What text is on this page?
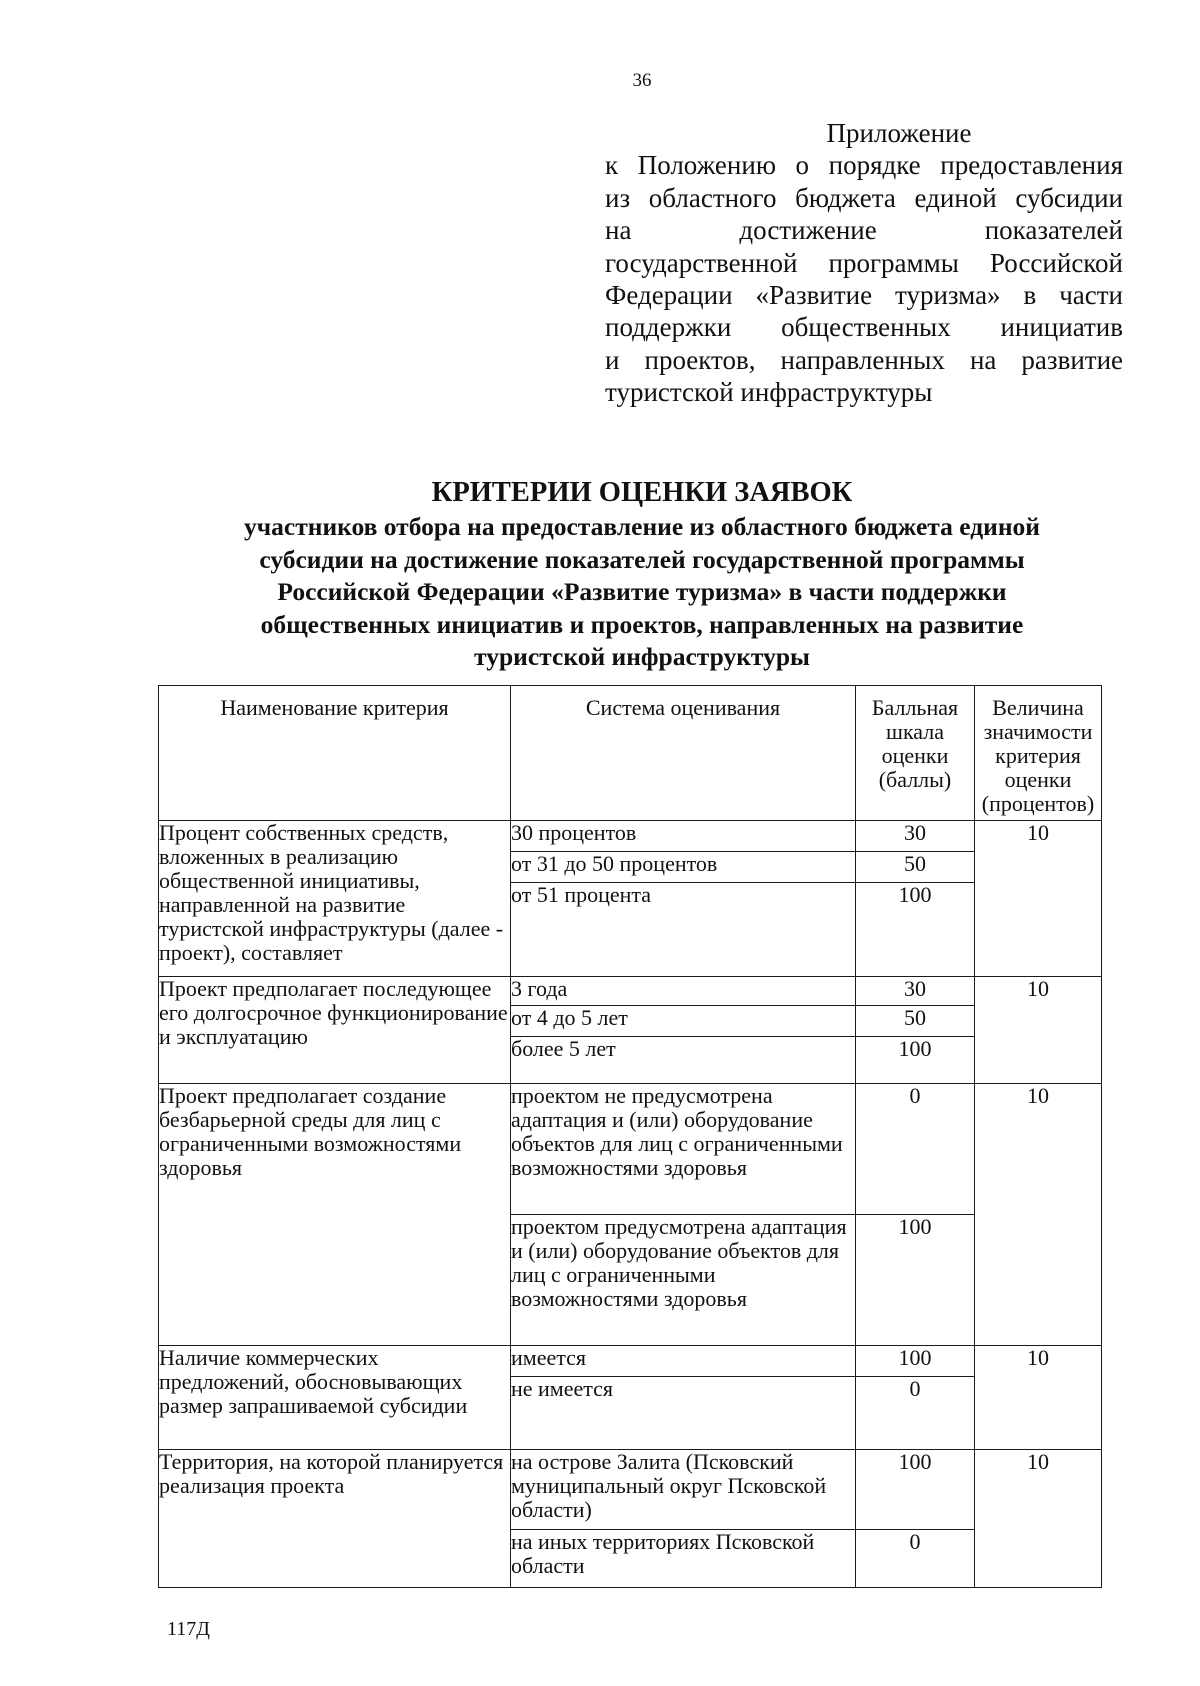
36
Приложение
к Положению о порядке предоставления
из областного бюджета единой субсидии
на достижение показателей
государственной программы Российской
Федерации «Развитие туризма» в части
поддержки общественных инициатив
и проектов, направленных на развитие
туристской инфраструктуры
КРИТЕРИИ ОЦЕНКИ ЗАЯВОК
участников отбора на предоставление из областного бюджета единой
субсидии на достижение показателей государственной программы
Российской Федерации «Развитие туризма» в части поддержки
общественных инициатив и проектов, направленных на развитие
туристской инфраструктуры
Наименование критерия	Система оценивания	Балльная шкала оценки (баллы)	Величина значимости критерия оценки (процентов)

Процент собственных средств, вложенных в реализацию общественной инициативы, направленной на развитие туристской инфраструктуры (далее - проект), составляет	30 процентов	30	10
	от 31 до 50 процентов	50	
	от 51 процента	100	
Проект предполагает последующее его долгосрочное функционирование и эксплуатацию	3 года	30	10
	от 4 до 5 лет	50	
	более 5 лет	100	
Проект предполагает создание безбарьерной среды для лиц с ограниченными возможностями здоровья	проектом не предусмотрена адаптация и (или) оборудование объектов для лиц с ограниченными возможностями здоровья	0	10
	проектом предусмотрена адаптация и (или) оборудование объектов для лиц с ограниченными возможностями здоровья	100	
Наличие коммерческих предложений, обосновывающих размер запрашиваемой субсидии	имеется	100	10
	не имеется	0	
Территория, на которой планируется реализация проекта	на острове Залита (Псковский муниципальный округ Псковской области)	100	10
	на иных территориях Псковской области	0	
117Д
